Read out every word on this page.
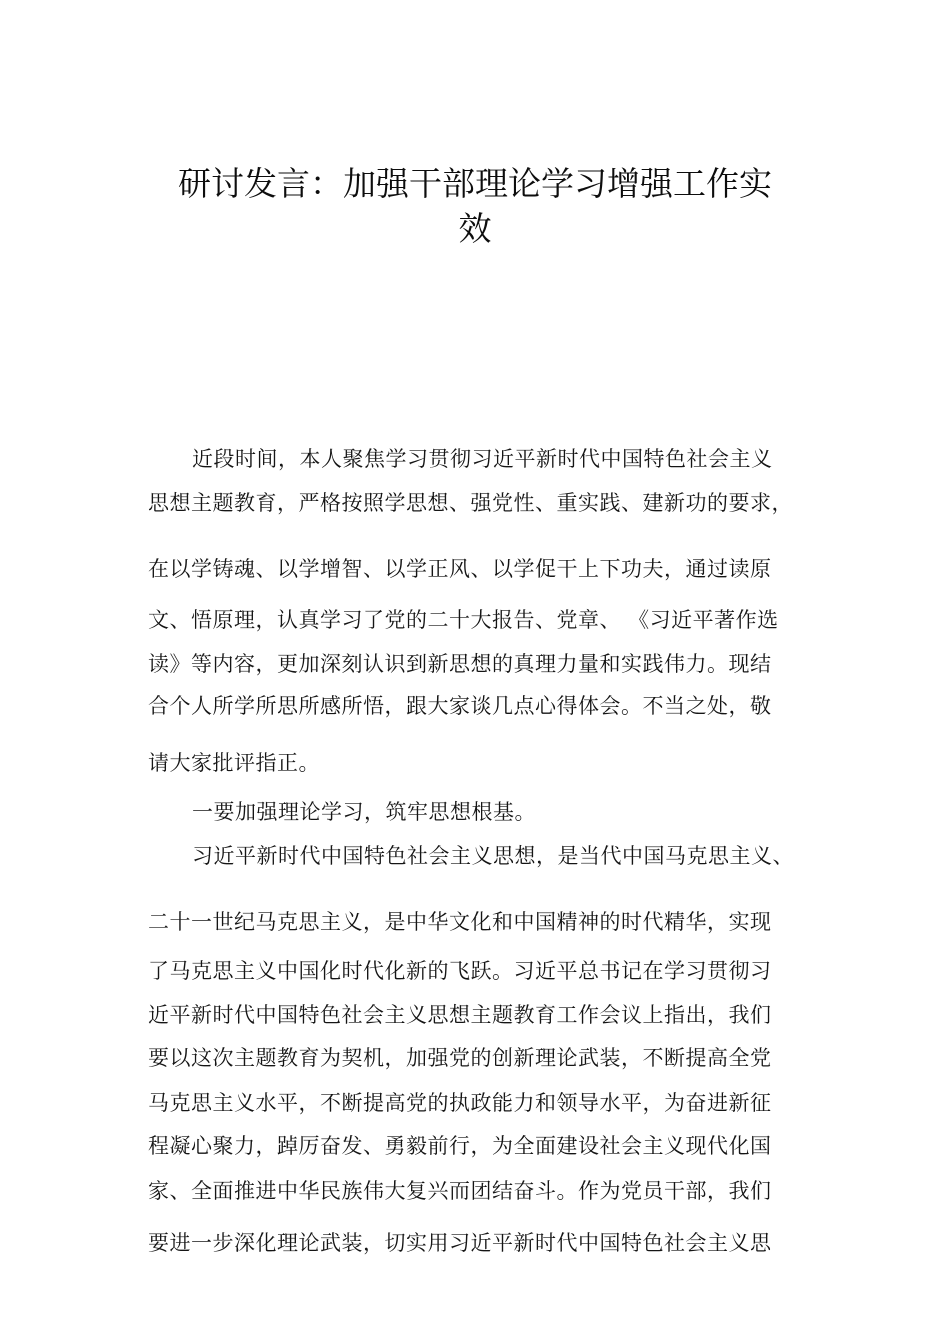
研讨发言：加强干部理论学习增强工作实
效
近段时间，本人聚焦学习贯彻习近平新时代中国特色社会主义
思想主题教育，严格按照学思想、强党性、重实践、建新功的要求，
在以学铸魂、以学增智、以学正风、以学促干上下功夫，通过读原
文、悟原理，认真学习了党的二十大报告、党章、 《习近平著作选
读》等内容，更加深刻认识到新思想的真理力量和实践伟力。现结
合个人所学所思所感所悟，跟大家谈几点心得体会。不当之处，敬
请大家批评指正。
一要加强理论学习，筑牢思想根基。
习近平新时代中国特色社会主义思想，是当代中国马克思主义、
二十一世纪马克思主义，是中华文化和中国精神的时代精华，实现
了马克思主义中国化时代化新的飞跃。习近平总书记在学习贯彻习
近平新时代中国特色社会主义思想主题教育工作会议上指出，我们
要以这次主题教育为契机，加强党的创新理论武装，不断提高全党
马克思主义水平，不断提高党的执政能力和领导水平，为奋进新征
程凝心聚力，踔厉奋发、勇毅前行，为全面建设社会主义现代化国
家、全面推进中华民族伟大复兴而团结奋斗。作为党员干部，我们
要进一步深化理论武装，切实用习近平新时代中国特色社会主义思
